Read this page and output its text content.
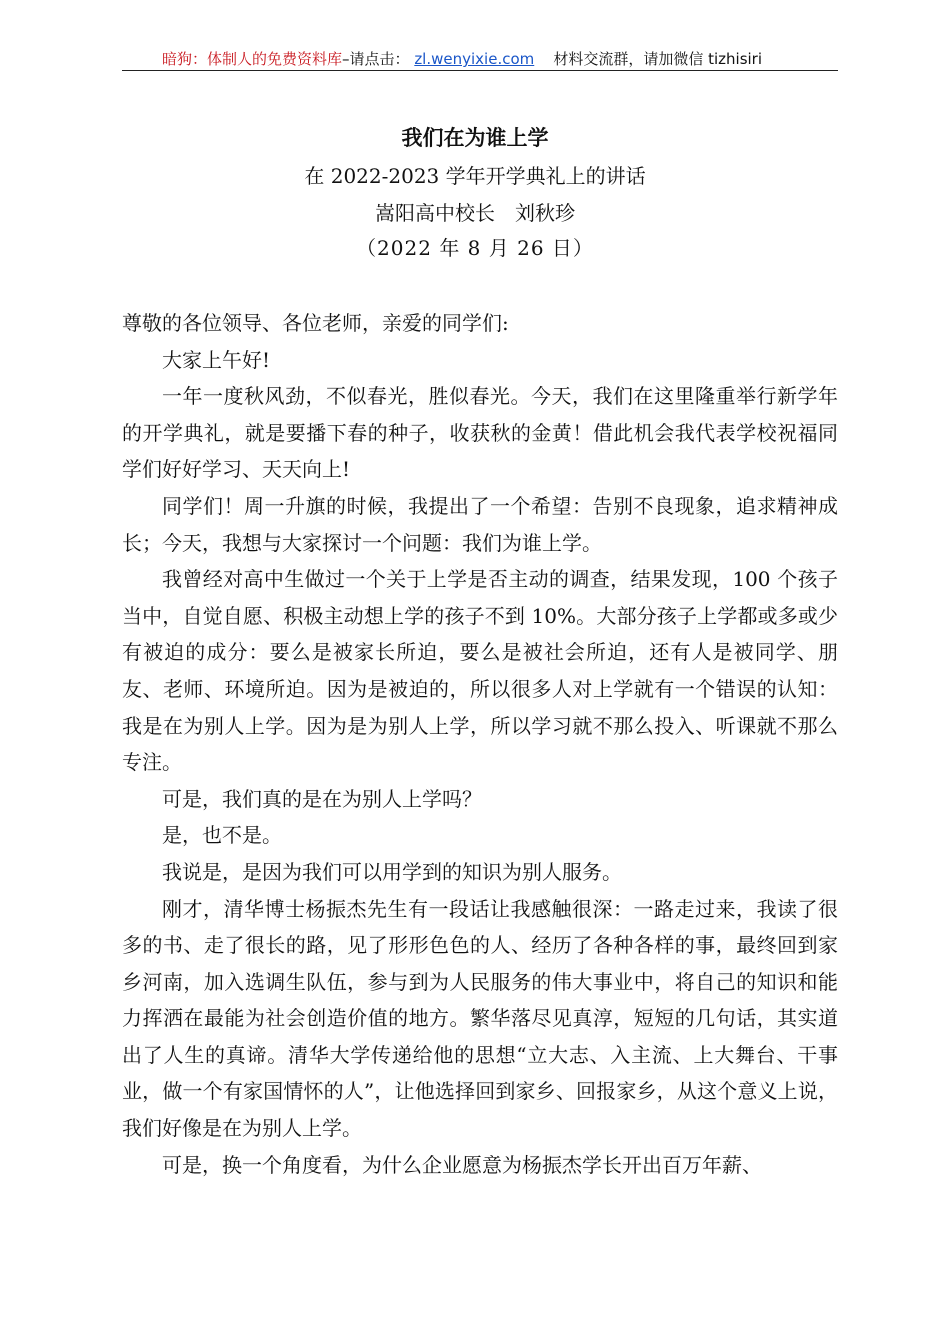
暗狗：体制人的免费资料库–请点击： zl.wenyixie.com 材料交流群，请加微信 tizhisiri
我们在为谁上学
在 2022-2023 学年开学典礼上的讲话
嵩阳高中校长　刘秋珍
（2022 年 8 月 26 日）

尊敬的各位领导、各位老师，亲爱的同学们:

大家上午好!

一年一度秋风劲，不似春光，胜似春光。今天，我们在这里隆重举行新学年的开学典礼，就是要播下春的种子，收获秋的金黄！借此机会我代表学校祝福同学们好好学习、天天向上!

同学们！周一升旗的时候，我提出了一个希望：告别不良现象，追求精神成长；今天，我想与大家探讨一个问题：我们为谁上学。

我曾经对高中生做过一个关于上学是否主动的调查，结果发现，100 个孩子当中，自觉自愿、积极主动想上学的孩子不到 10%。大部分孩子上学都或多或少有被迫的成分：要么是被家长所迫，要么是被社会所迫，还有人是被同学、朋友、老师、环境所迫。因为是被迫的，所以很多人对上学就有一个错误的认知：我是在为别人上学。因为是为别人上学，所以学习就不那么投入、听课就不那么专注。

可是，我们真的是在为别人上学吗？

是，也不是。

我说是，是因为我们可以用学到的知识为别人服务。

刚才，清华博士杨振杰先生有一段话让我感触很深：一路走过来，我读了很多的书、走了很长的路，见了形形色色的人、经历了各种各样的事，最终回到家乡河南，加入选调生队伍，参与到为人民服务的伟大事业中，将自己的知识和能力挥洒在最能为社会创造价值的地方。繁华落尽见真淳，短短的几句话，其实道出了人生的真谛。清华大学传递给他的思想“立大志、入主流、上大舞台、干事业，做一个有家国情怀的人”，让他选择回到家乡、回报家乡，从这个意义上说，我们好像是在为别人上学。

可是，换一个角度看，为什么企业愿意为杨振杰学长开出百万年薪、
